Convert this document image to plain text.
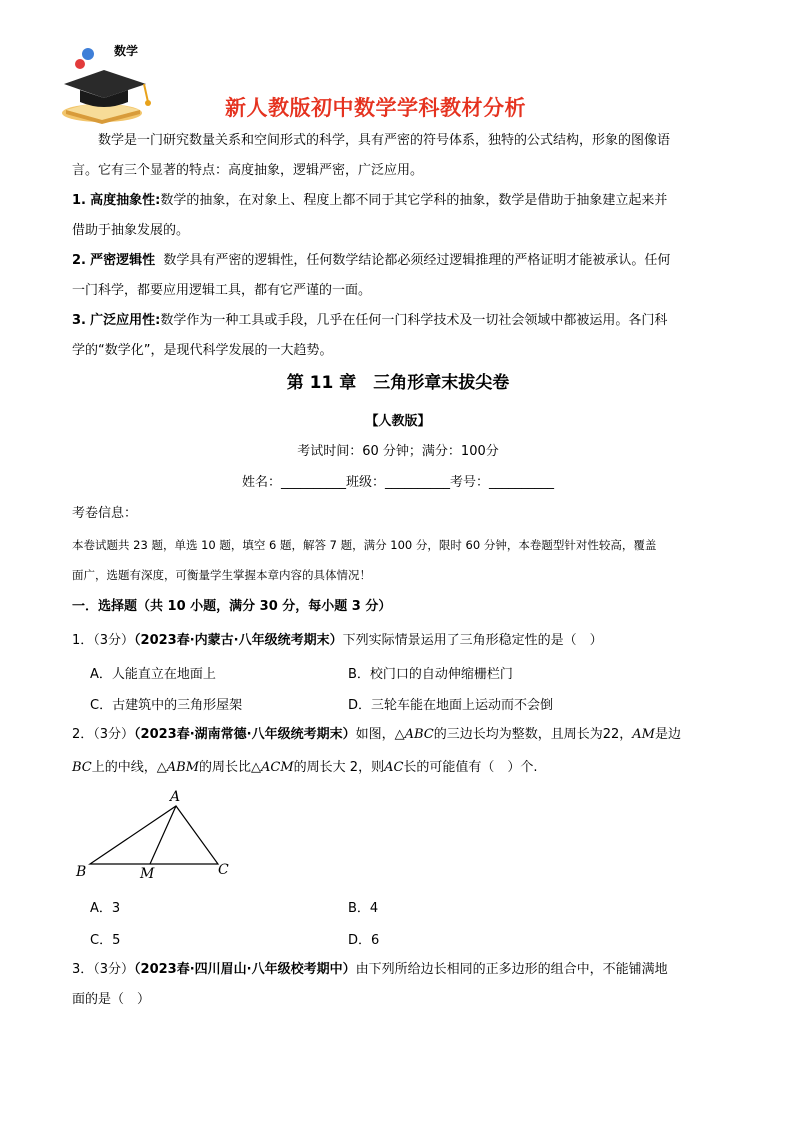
数学
新人教版初中数学学科教材分析
数学是一门研究数量关系和空间形式的科学，具有严密的符号体系，独特的公式结构，形象的图像语
言。它有三个显著的特点：高度抽象，逻辑严密，广泛应用。
1. 高度抽象性:数学的抽象，在对象上、程度上都不同于其它学科的抽象，数学是借助于抽象建立起来并
借助于抽象发展的。
2. 严密逻辑性 数学具有严密的逻辑性，任何数学结论都必须经过逻辑推理的严格证明才能被承认。任何
一门科学，都要应用逻辑工具，都有它严谨的一面。
3. 广泛应用性:数学作为一种工具或手段，几乎在任何一门科学技术及一切社会领域中都被运用。各门科
学的“数学化”，是现代科学发展的一大趋势。
第 11 章　三角形章末拔尖卷
【人教版】
考试时间：60 分钟；满分：100分
姓名：__________班级：__________考号：__________
考卷信息：
本卷试题共 23 题，单选 10 题，填空 6 题，解答 7 题，满分 100 分，限时 60 分钟，本卷题型针对性较高，覆盖
面广，选题有深度，可衡量学生掌握本章内容的具体情况！
一．选择题（共 10 小题，满分 30 分，每小题 3 分）
1．（3分）（2023春·内蒙古·八年级统考期末）下列实际情景运用了三角形稳定性的是（　）
A．人能直立在地面上	B．校门口的自动伸缩栅栏门
C．古建筑中的三角形屋架	D．三轮车能在地面上运动而不会倒
2．（3分）（2023春·湖南常德·八年级统考期末）如图，△ABC的三边长均为整数，且周长为22，AM是边
BC上的中线，△ABM的周长比△ACM的周长大 2，则AC长的可能值有（　）个.
A
B	C
M
A．3	B．4
C．5	D．6
3．（3分）（2023春·四川眉山·八年级校考期中）由下列所给边长相同的正多边形的组合中，不能铺满地
面的是（　）
